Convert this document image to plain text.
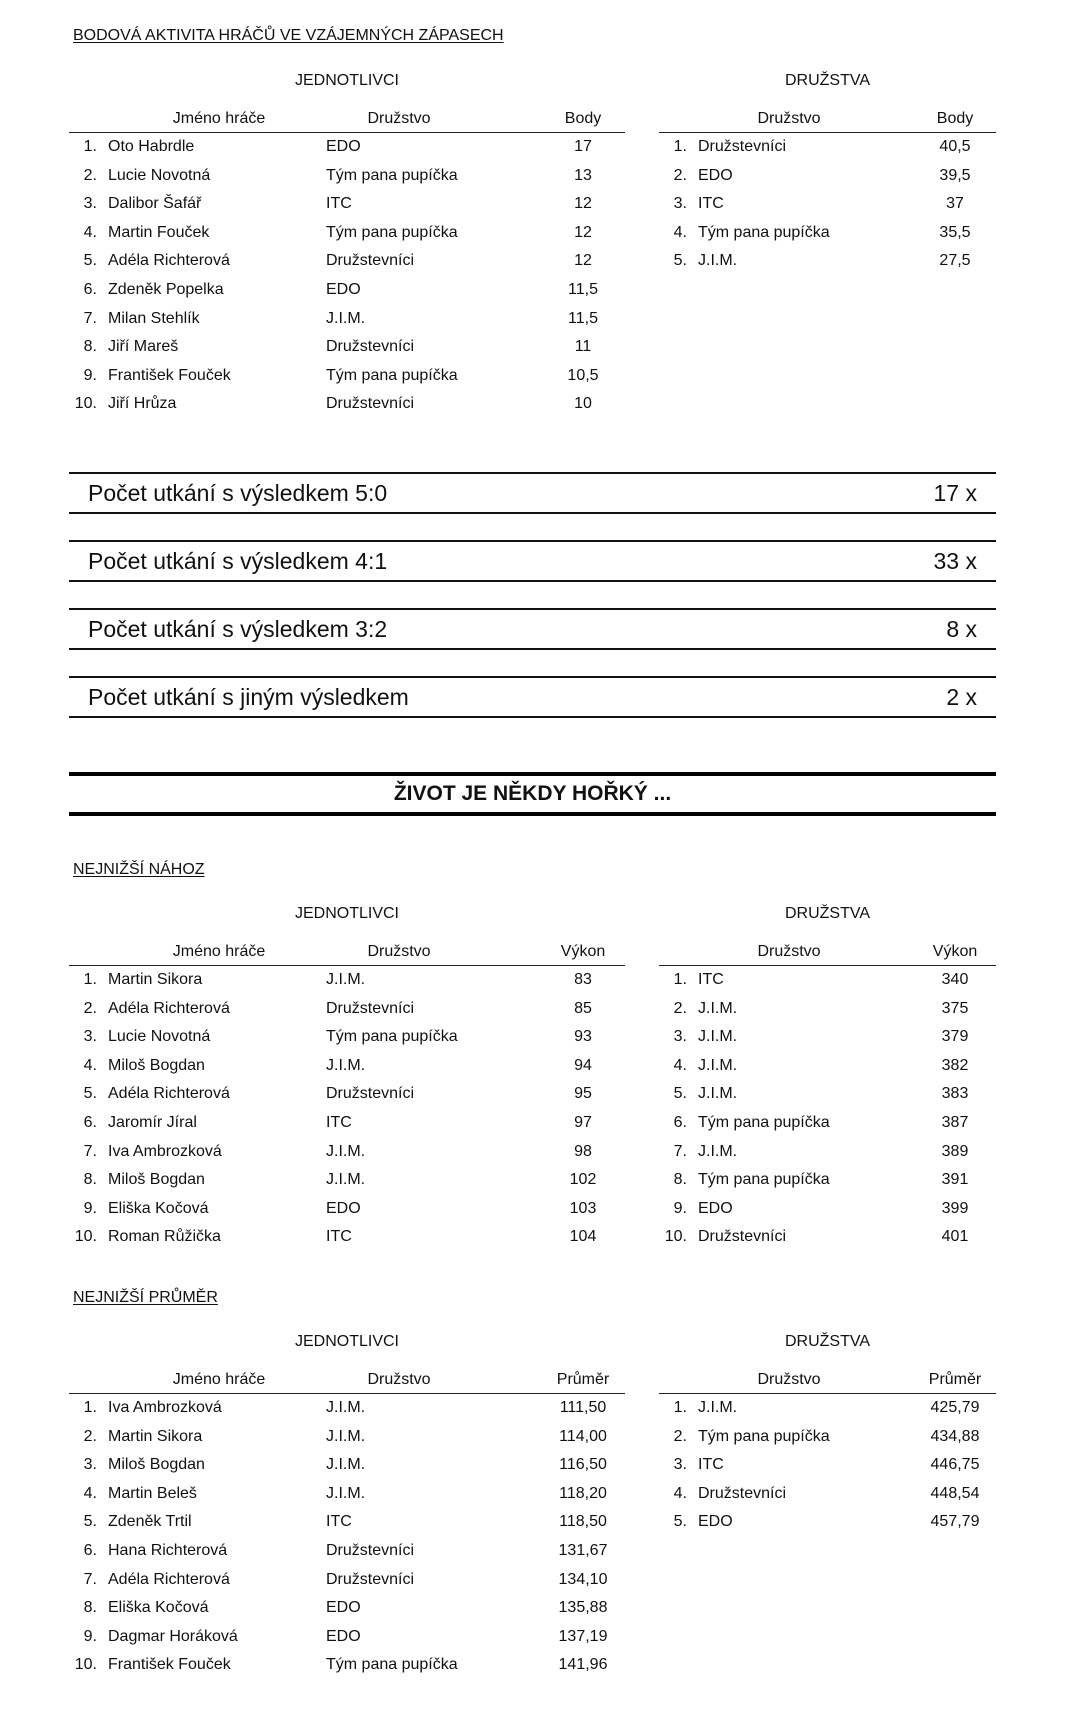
BODOVÁ AKTIVITA HRÁČŮ VE VZÁJEMNÝCH ZÁPASECH
JEDNOTLIVCI	DRUŽSTVA
Jméno hráče	Družstvo	Body
1. Oto Habrdle	EDO	17
2. Lucie Novotná	Tým pana pupíčka	13
3. Dalibor Šafář	ITC	12
4. Martin Fouček	Tým pana pupíčka	12
5. Adéla Richterová	Družstevníci	12
6. Zdeněk Popelka	EDO	11,5
7. Milan Stehlík	J.I.M.	11,5
8. Jiří Mareš	Družstevníci	11
9. František Fouček	Tým pana pupíčka	10,5
10. Jiří Hrůza	Družstevníci	10
Družstvo	Body
1. Družstevníci	40,5
2. EDO	39,5
3. ITC	37
4. Tým pana pupíčka	35,5
5. J.I.M.	27,5
Počet utkání s výsledkem 5:0	17 x
Počet utkání s výsledkem 4:1	33 x
Počet utkání s výsledkem 3:2	8 x
Počet utkání s jiným výsledkem	2 x
ŽIVOT JE NĚKDY HOŘKÝ ...
NEJNIŽŠÍ NÁHOZ
JEDNOTLIVCI	DRUŽSTVA
Jméno hráče	Družstvo	Výkon
1. Martin Sikora	J.I.M.	83
2. Adéla Richterová	Družstevníci	85
3. Lucie Novotná	Tým pana pupíčka	93
4. Miloš Bogdan	J.I.M.	94
5. Adéla Richterová	Družstevníci	95
6. Jaromír Jíral	ITC	97
7. Iva Ambrozková	J.I.M.	98
8. Miloš Bogdan	J.I.M.	102
9. Eliška Kočová	EDO	103
10. Roman Růžička	ITC	104
Družstvo	Výkon
1. ITC	340
2. J.I.M.	375
3. J.I.M.	379
4. J.I.M.	382
5. J.I.M.	383
6. Tým pana pupíčka	387
7. J.I.M.	389
8. Tým pana pupíčka	391
9. EDO	399
10. Družstevníci	401
NEJNIŽŠÍ PRŮMĚR
JEDNOTLIVCI	DRUŽSTVA
Jméno hráče	Družstvo	Průměr
1. Iva Ambrozková	J.I.M.	111,50
2. Martin Sikora	J.I.M.	114,00
3. Miloš Bogdan	J.I.M.	116,50
4. Martin Beleš	J.I.M.	118,20
5. Zdeněk Trtil	ITC	118,50
6. Hana Richterová	Družstevníci	131,67
7. Adéla Richterová	Družstevníci	134,10
8. Eliška Kočová	EDO	135,88
9. Dagmar Horáková	EDO	137,19
10. František Fouček	Tým pana pupíčka	141,96
Družstvo	Průměr
1. J.I.M.	425,79
2. Tým pana pupíčka	434,88
3. ITC	446,75
4. Družstevníci	448,54
5. EDO	457,79
